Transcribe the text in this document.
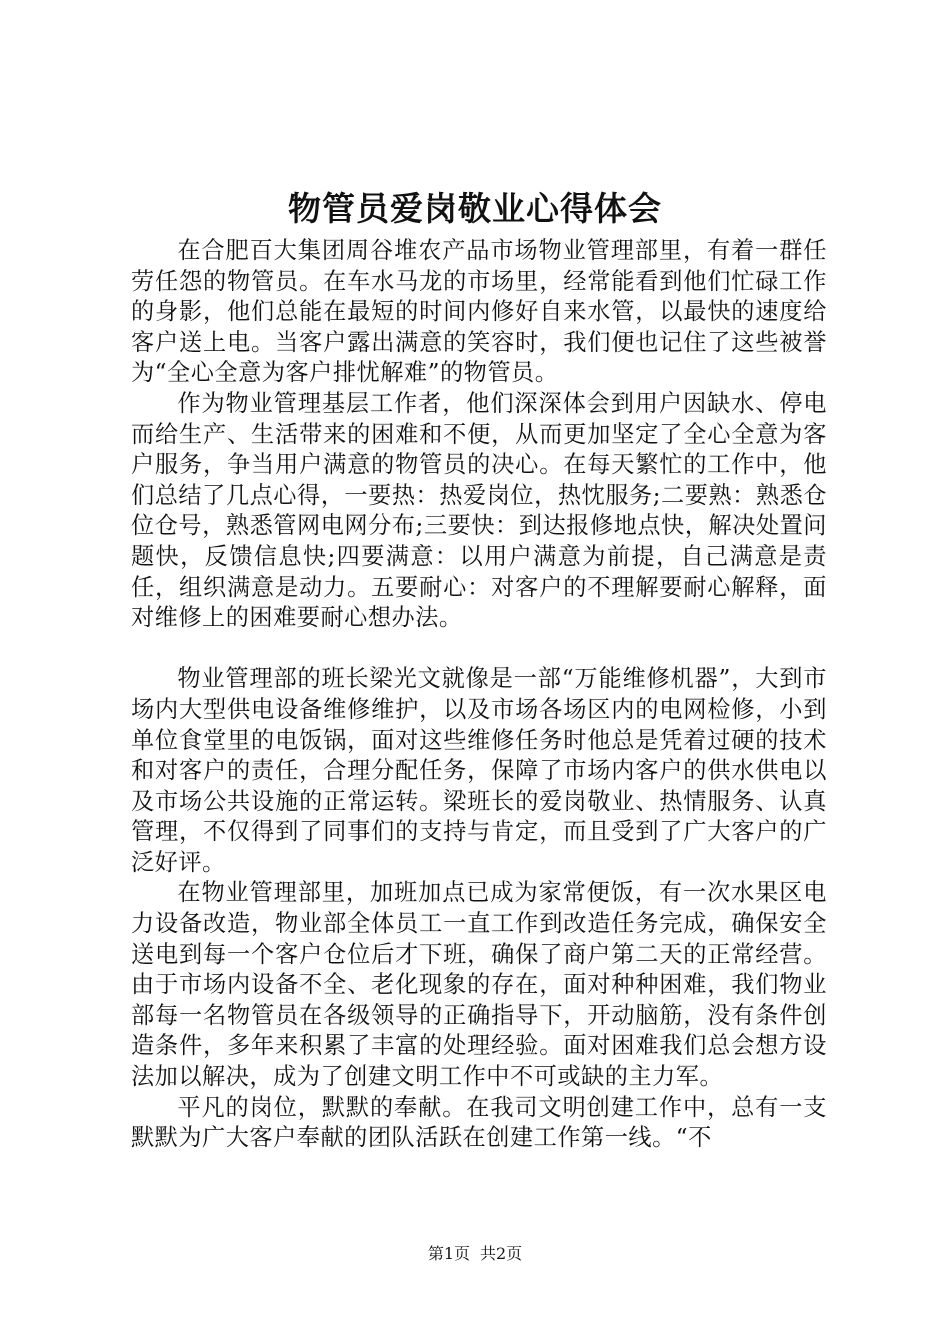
物管员爱岗敬业心得体会

在合肥百大集团周谷堆农产品市场物业管理部里，有着一群任劳任怨的物管员。在车水马龙的市场里，经常能看到他们忙碌工作的身影，他们总能在最短的时间内修好自来水管，以最快的速度给客户送上电。当客户露出满意的笑容时，我们便也记住了这些被誉为“全心全意为客户排忧解难”的物管员。

作为物业管理基层工作者，他们深深体会到用户因缺水、停电而给生产、生活带来的困难和不便，从而更加坚定了全心全意为客户服务，争当用户满意的物管员的决心。在每天繁忙的工作中，他们总结了几点心得，一要热：热爱岗位，热忱服务;二要熟：熟悉仓位仓号，熟悉管网电网分布;三要快：到达报修地点快，解决处置问题快，反馈信息快;四要满意：以用户满意为前提，自己满意是责任，组织满意是动力。五要耐心：对客户的不理解要耐心解释，面对维修上的困难要耐心想办法。

物业管理部的班长梁光文就像是一部“万能维修机器”，大到市场内大型供电设备维修维护，以及市场各场区内的电网检修，小到单位食堂里的电饭锅，面对这些维修任务时他总是凭着过硬的技术和对客户的责任，合理分配任务，保障了市场内客户的供水供电以及市场公共设施的正常运转。梁班长的爱岗敬业、热情服务、认真管理，不仅得到了同事们的支持与肯定，而且受到了广大客户的广泛好评。

在物业管理部里，加班加点已成为家常便饭，有一次水果区电力设备改造，物业部全体员工一直工作到改造任务完成，确保安全送电到每一个客户仓位后才下班，确保了商户第二天的正常经营。由于市场内设备不全、老化现象的存在，面对种种困难，我们物业部每一名物管员在各级领导的正确指导下，开动脑筋，没有条件创造条件，多年来积累了丰富的处理经验。面对困难我们总会想方设法加以解决，成为了创建文明工作中不可或缺的主力军。

平凡的岗位，默默的奉献。在我司文明创建工作中，总有一支默默为广大客户奉献的团队活跃在创建工作第一线。“不

第1页 共2页
